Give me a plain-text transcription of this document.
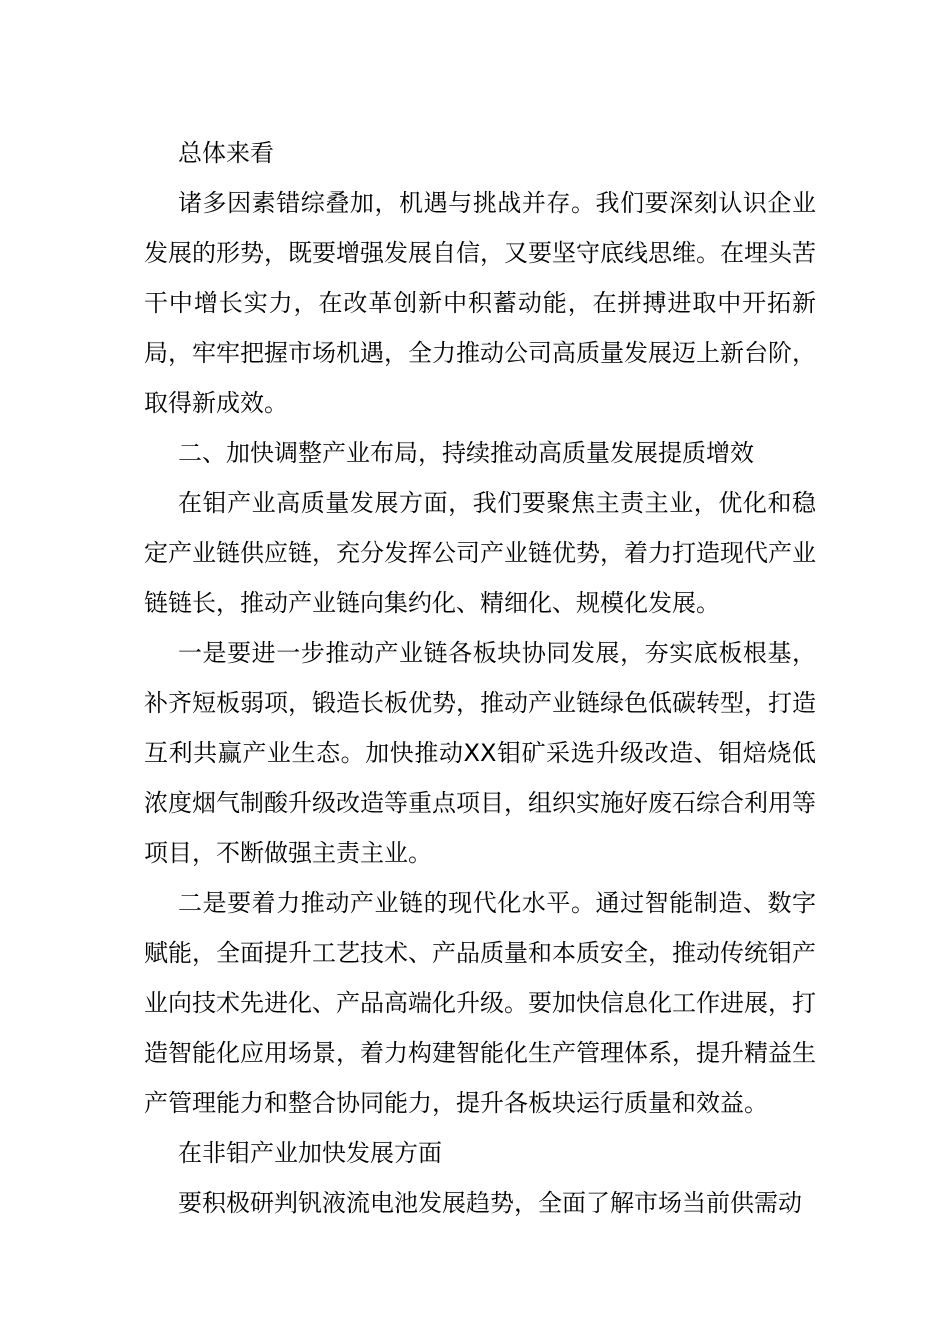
总体来看

诸多因素错综叠加，机遇与挑战并存。我们要深刻认识企业发展的形势，既要增强发展自信，又要坚守底线思维。在埋头苦干中增长实力，在改革创新中积蓄动能，在拼搏进取中开拓新局，牢牢把握市场机遇，全力推动公司高质量发展迈上新台阶，取得新成效。

二、加快调整产业布局，持续推动高质量发展提质增效

在钼产业高质量发展方面，我们要聚焦主责主业，优化和稳定产业链供应链，充分发挥公司产业链优势，着力打造现代产业链链长，推动产业链向集约化、精细化、规模化发展。

一是要进一步推动产业链各板块协同发展，夯实底板根基，补齐短板弱项，锻造长板优势，推动产业链绿色低碳转型，打造互利共赢产业生态。加快推动XX钼矿采选升级改造、钼焙烧低浓度烟气制酸升级改造等重点项目，组织实施好废石综合利用等项目，不断做强主责主业。

二是要着力推动产业链的现代化水平。通过智能制造、数字赋能，全面提升工艺技术、产品质量和本质安全，推动传统钼产业向技术先进化、产品高端化升级。要加快信息化工作进展，打造智能化应用场景，着力构建智能化生产管理体系，提升精益生产管理能力和整合协同能力，提升各板块运行质量和效益。

在非钼产业加快发展方面

要积极研判钒液流电池发展趋势，全面了解市场当前供需动
